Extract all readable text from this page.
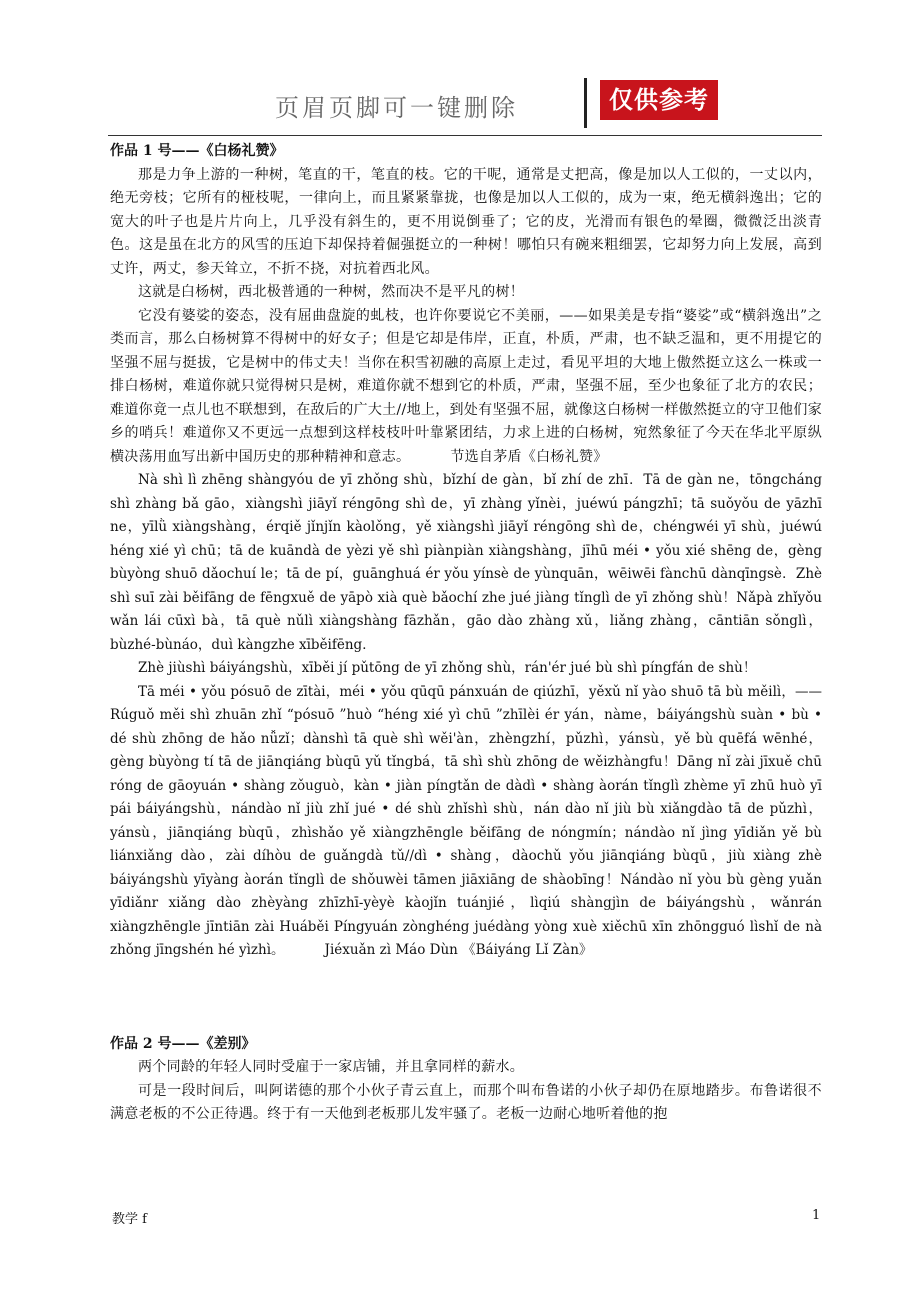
页眉页脚可一键删除	仅供参考

作品 1 号——《白杨礼赞》

那是力争上游的一种树，笔直的干，笔直的枝。它的干呢，通常是丈把高，像是加以人工似的，一丈以内，绝无旁枝；它所有的桠枝呢，一律向上，而且紧紧靠拢，也像是加以人工似的，成为一束，绝无横斜逸出；它的宽大的叶子也是片片向上，几乎没有斜生的，更不用说倒垂了；它的皮，光滑而有银色的晕圈，微微泛出淡青色。这是虽在北方的风雪的压迫下却保持着倔强挺立的一种树！哪怕只有碗来粗细罢，它却努力向上发展，高到丈许，两丈，参天耸立，不折不挠，对抗着西北风。

这就是白杨树，西北极普通的一种树，然而决不是平凡的树！

它没有婆娑的姿态，没有屈曲盘旋的虬枝，也许你要说它不美丽，——如果美是专指“婆娑”或“横斜逸出”之类而言，那么白杨树算不得树中的好女子；但是它却是伟岸，正直，朴质，严肃，也不缺乏温和，更不用提它的坚强不屈与挺拔，它是树中的伟丈夫！当你在积雪初融的高原上走过，看见平坦的大地上傲然挺立这么一株或一排白杨树，难道你就只觉得树只是树，难道你就不想到它的朴质，严肃，坚强不屈，至少也象征了北方的农民；难道你竟一点儿也不联想到，在敌后的广大土//地上，到处有坚强不屈，就像这白杨树一样傲然挺立的守卫他们家乡的哨兵！难道你又不更远一点想到这样枝枝叶叶靠紧团结，力求上进的白杨树，宛然象征了今天在华北平原纵横决荡用血写出新中国历史的那种精神和意志。	节选自茅盾《白杨礼赞》

Nà shì lì zhēng shàngyóu de yī zhǒng shù，bǐzhí de gàn，bǐ zhí de zhī．Tā de gàn ne，tōngcháng shì zhàng bǎ gāo，xiàngshì jiāyǐ réngōng shì de，yī zhàng yǐnèi，juéwú pángzhī；tā suǒyǒu de yāzhī ne，yīlǜ xiàngshàng，érqiě jǐnjǐn kàolǒng，yě xiàngshì jiāyǐ réngōng shì de，chéngwéi yī shù，juéwú héng xié yì chū；tā de kuāndà de yèzi yě shì piànpiàn xiàngshàng，jīhū méi • yǒu xié shēng de，gèng bùyòng shuō dǎochuí le；tā de pí，guānghuá ér yǒu yínsè de yùnquān，wēiwēi fànchū dànqīngsè．Zhè shì suī zài běifāng de fēngxuě de yāpò xià què bǎochí zhe jué jiàng tǐnglì de yī zhǒng shù！Nǎpà zhǐyǒu wǎn lái cūxì bà，tā què nǔlì xiàngshàng fāzhǎn，gāo dào zhàng xǔ，liǎng zhàng，cāntiān sǒnglì，bùzhé-bùnáo，duì kàngzhe xīběifēng．

Zhè jiùshì báiyángshù，xīběi jí pǔtōng de yī zhǒng shù，rán'ér jué bù shì píngfán de shù！

Tā méi • yǒu pósuō de zītài，méi • yǒu qūqū pánxuán de qiúzhī，yěxǔ nǐ yào shuō tā bù měilì，——Rúguǒ měi shì zhuān zhǐ “pósuō ”huò “héng xié yì chū ”zhīlèi ér yán，nàme，báiyángshù suàn • bù • dé shù zhōng de hǎo nǚzǐ；dànshì tā què shì wěi'àn，zhèngzhí，pǔzhì，yánsù，yě bù quēfá wēnhé，gèng bùyòng tí tā de jiānqiáng bùqū yǔ tǐngbá，tā shì shù zhōng de wěizhàngfu！Dāng nǐ zài jīxuě chū róng de gāoyuán • shàng zǒuguò，kàn • jiàn píngtǎn de dàdì • shàng àorán tǐnglì zhème yī zhū huò yī pái báiyángshù，nándào nǐ jiù zhǐ jué • dé shù zhǐshì shù，nán dào nǐ jiù bù xiǎngdào tā de pǔzhì，yánsù，jiānqiáng bùqū，zhìshǎo yě xiàngzhēngle běifāng de nóngmín；nándào nǐ jìng yīdiǎn yě bù liánxiǎng dào，zài díhòu de guǎngdà tǔ//dì • shàng，dàochǔ yǒu jiānqiáng bùqū，jiù xiàng zhè báiyángshù yīyàng àorán tǐnglì de shǒuwèi tāmen jiāxiāng de shàobīng！Nándào nǐ yòu bù gèng yuǎn yīdiǎnr xiǎng dào zhèyàng zhīzhī-yèyè kàojǐn tuánjié，lìqiú shàngjìn de báiyángshù，wǎnrán xiàngzhēngle jīntiān zài Huáběi Píngyuán zònghéng juédàng yòng xuè xiěchū xīn zhōngguó lìshǐ de nà zhǒng jīngshén hé yìzhì。	Jiéxuǎn zì Máo Dùn 《Báiyáng Lǐ Zàn》

作品 2 号——《差别》

两个同龄的年轻人同时受雇于一家店铺，并且拿同样的薪水。

可是一段时间后，叫阿诺德的那个小伙子青云直上，而那个叫布鲁诺的小伙子却仍在原地踏步。布鲁诺很不满意老板的不公正待遇。终于有一天他到老板那儿发牢骚了。老板一边耐心地听着他的抱

教学 f	1
